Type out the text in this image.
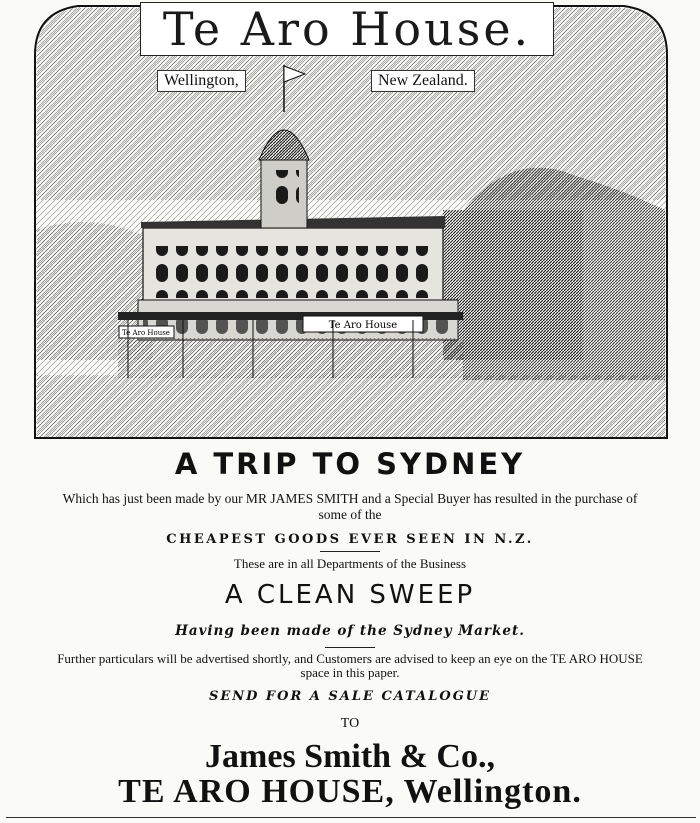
Te Aro House
Te Aro House
Te Aro House.
Wellington,	New Zealand.
A TRIP TO SYDNEY
Which has just been made by our MR JAMES SMITH and a Special Buyer has resulted in the purchase of some of the
CHEAPEST GOODS EVER SEEN IN N.Z.
These are in all Departments of the Business
A CLEAN SWEEP
Having been made of the Sydney Market.
Further particulars will be advertised shortly, and Customers are advised to keep an eye on the TE ARO HOUSE space in this paper.
SEND FOR A SALE CATALOGUE
TO
James Smith & Co.,
TE ARO HOUSE, Wellington.
